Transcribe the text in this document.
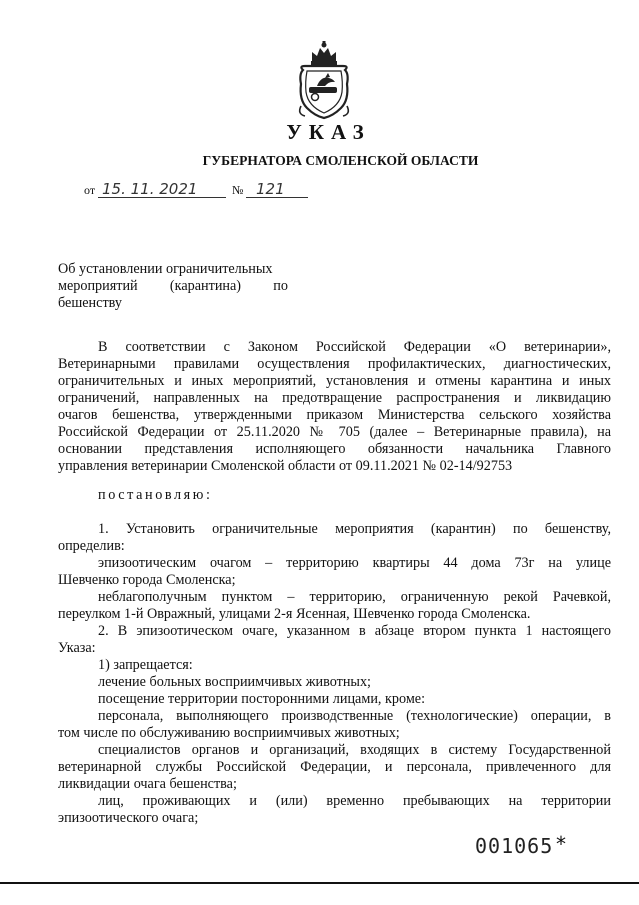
УКАЗ
ГУБЕРНАТОРА СМОЛЕНСКОЙ ОБЛАСТИ
от 15. 11. 2021	№ 121
Об установлении ограничительных
мероприятий (карантина) по
бешенству

В соответствии с Законом Российской Федерации «О ветеринарии»,

Ветеринарными правилами осуществления профилактических, диагностических,

ограничительных и иных мероприятий, установления и отмены карантина и иных

ограничений, направленных на предотвращение распространения и ликвидацию

очагов бешенства, утвержденными приказом Министерства сельского хозяйства

Российской Федерации от 25.11.2020 № 705 (далее – Ветеринарные правила), на

основании представления исполняющего обязанности начальника Главного

управления ветеринарии Смоленской области от 09.11.2021 № 02-14/92753

постановляю:

1. Установить ограничительные мероприятия (карантин) по бешенству,

определив:

эпизоотическим очагом – территорию квартиры 44 дома 73г на улице

Шевченко города Смоленска;

неблагополучным пунктом – территорию, ограниченную рекой Рачевкой,

переулком 1-й Овражный, улицами 2-я Ясенная, Шевченко города Смоленска.

2. В эпизоотическом очаге, указанном в абзаце втором пункта 1 настоящего

Указа:

1) запрещается:

лечение больных восприимчивых животных;

посещение территории посторонними лицами, кроме:

персонала, выполняющего производственные (технологические) операции, в

том числе по обслуживанию восприимчивых животных;

специалистов органов и организаций, входящих в систему Государственной

ветеринарной службы Российской Федерации, и персонала, привлеченного для

ликвидации очага бешенства;

лиц, проживающих и (или) временно пребывающих на территории

эпизоотического очага;

001065 *
